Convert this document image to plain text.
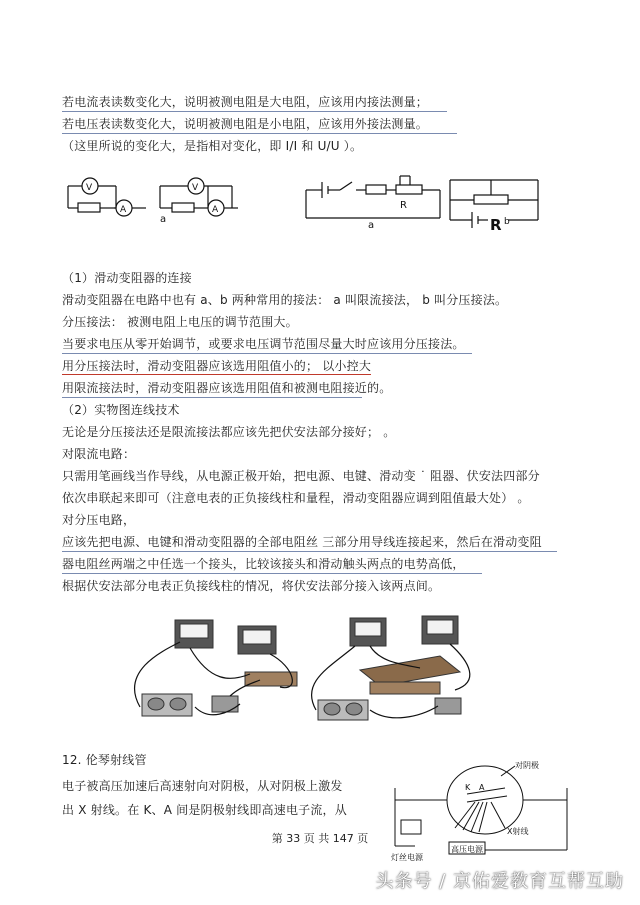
若电流表读数变化大，说明被测电阻是大电阻，应该用内接法测量；
若电压表读数变化大，说明被测电阻是小电阻，应该用外接法测量。
（这里所说的变化大，是指相对变化，即 I/I 和 U/U ）。
V
A
V
A
a
R
a	R b
（1）滑动变阻器的连接
滑动变阻器在电路中也有 a、b 两种常用的接法： a 叫限流接法， b 叫分压接法。
分压接法： 被测电阻上电压的调节范围大。
当要求电压从零开始调节，或要求电压调节范围尽量大时应该用分压接法。
用分压接法时，滑动变阻器应该选用阻值小的； 以小控大
用限流接法时，滑动变阻器应该选用阻值和被测电阻接近的。
（2）实物图连线技术
无论是分压接法还是限流接法都应该先把伏安法部分接好； 。
对限流电路：
只需用笔画线当作导线，从电源正极开始，把电源、电键、滑动变 ˙ 阻器、伏安法四部分
依次串联起来即可（注意电表的正负接线柱和量程，滑动变阻器应调到阻值最大处） 。
对分压电路，
应该先把电源、电键和滑动变阻器的全部电阻丝 三部分用导线连接起来，然后在滑动变阻
器电阻丝两端之中任选一个接头，比较该接头和滑动触头两点的电势高低，
根据伏安法部分电表正负接线柱的情况，将伏安法部分接入该两点间。
12. 伦琴射线管
电子被高压加速后高速射向对阴极，从对阴极上激发
出 X 射线。在 K、A 间是阴极射线即高速电子流，从
对阴极
X射线
灯丝电源
高压电源
K A
第 33 页 共 147 页
头条号 / 京佑爱教育互帮互助
